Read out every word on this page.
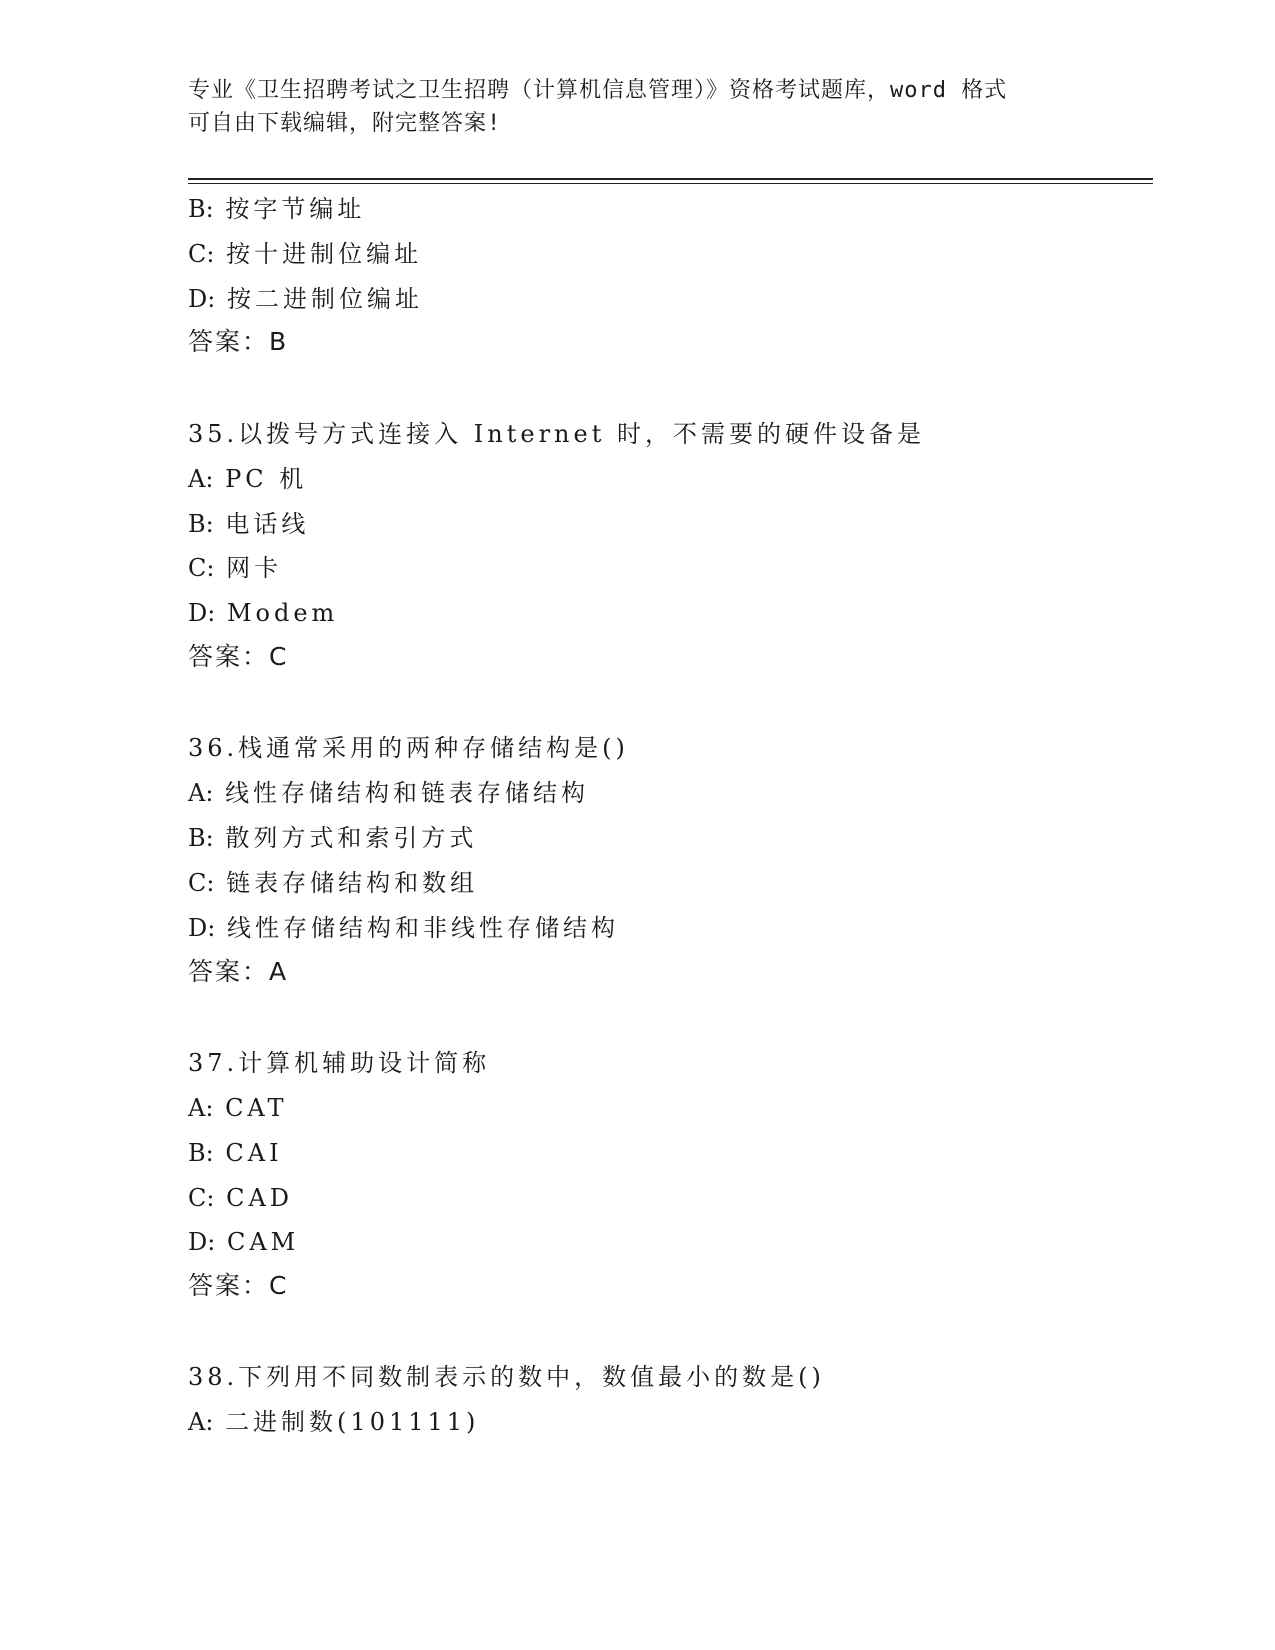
专业《卫生招聘考试之卫生招聘（计算机信息管理）》资格考试题库，word 格式
可自由下载编辑，附完整答案!
B: 按字节编址
C: 按十进制位编址
D: 按二进制位编址
答案：B
35.以拨号方式连接入 Internet 时，不需要的硬件设备是
A: PC 机
B: 电话线
C: 网卡
D: Modem
答案：C
36.栈通常采用的两种存储结构是()
A: 线性存储结构和链表存储结构
B: 散列方式和索引方式
C: 链表存储结构和数组
D: 线性存储结构和非线性存储结构
答案：A
37.计算机辅助设计简称
A: CAT
B: CAI
C: CAD
D: CAM
答案：C
38.下列用不同数制表示的数中，数值最小的数是()
A: 二进制数(101111)
